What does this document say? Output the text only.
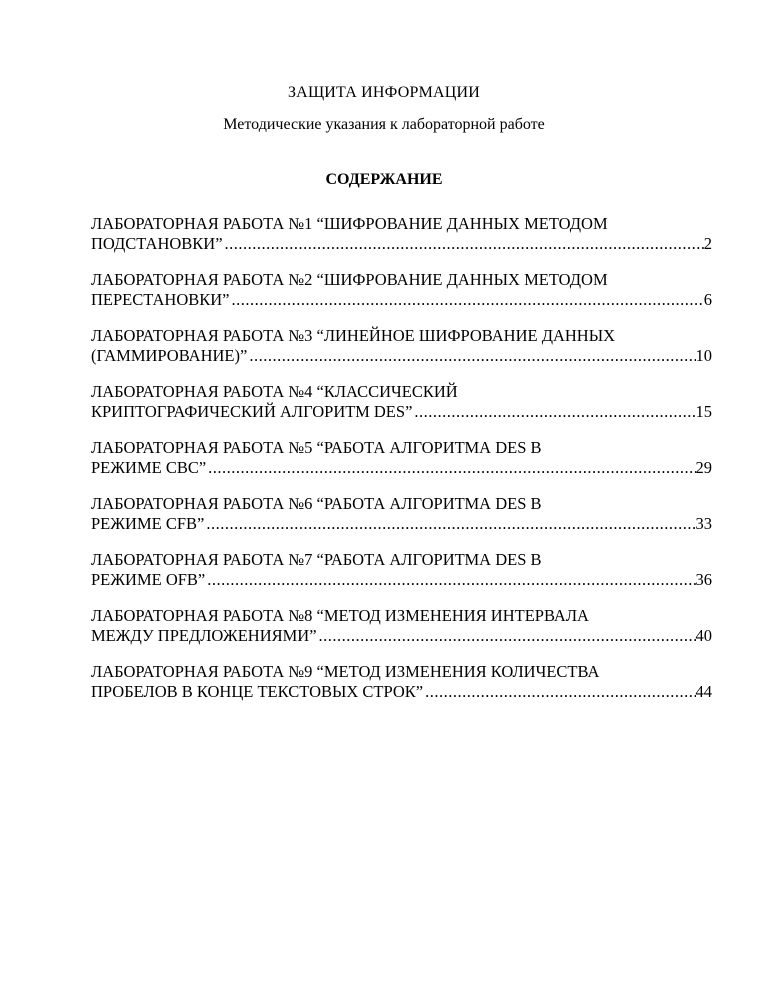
ЗАЩИТА ИНФОРМАЦИИ
Методические указания к лабораторной работе
СОДЕРЖАНИЕ
ЛАБОРАТОРНАЯ РАБОТА №1 “ШИФРОВАНИЕ ДАННЫХ МЕТОДОМ
ПОДСТАНОВКИ” .....	2
ЛАБОРАТОРНАЯ РАБОТА №2 “ШИФРОВАНИЕ ДАННЫХ МЕТОДОМ
ПЕРЕСТАНОВКИ” .....	6
ЛАБОРАТОРНАЯ РАБОТА №3 “ЛИНЕЙНОЕ ШИФРОВАНИЕ ДАННЫХ
(ГАММИРОВАНИЕ)” .....	10
ЛАБОРАТОРНАЯ РАБОТА №4 “КЛАССИЧЕСКИЙ
КРИПТОГРАФИЧЕСКИЙ АЛГОРИТМ DES” .....	15
ЛАБОРАТОРНАЯ РАБОТА №5 “РАБОТА АЛГОРИТМА DES В
РЕЖИМЕ CBC” .....	29
ЛАБОРАТОРНАЯ РАБОТА №6 “РАБОТА АЛГОРИТМА DES В
РЕЖИМЕ CFB” .....	33
ЛАБОРАТОРНАЯ РАБОТА №7 “РАБОТА АЛГОРИТМА DES В
РЕЖИМЕ OFB” .....	36
ЛАБОРАТОРНАЯ РАБОТА №8 “МЕТОД ИЗМЕНЕНИЯ ИНТЕРВАЛА
МЕЖДУ ПРЕДЛОЖЕНИЯМИ” .....	40
ЛАБОРАТОРНАЯ РАБОТА №9 “МЕТОД ИЗМЕНЕНИЯ КОЛИЧЕСТВА
ПРОБЕЛОВ В КОНЦЕ ТЕКСТОВЫХ СТРОК” .....	44
